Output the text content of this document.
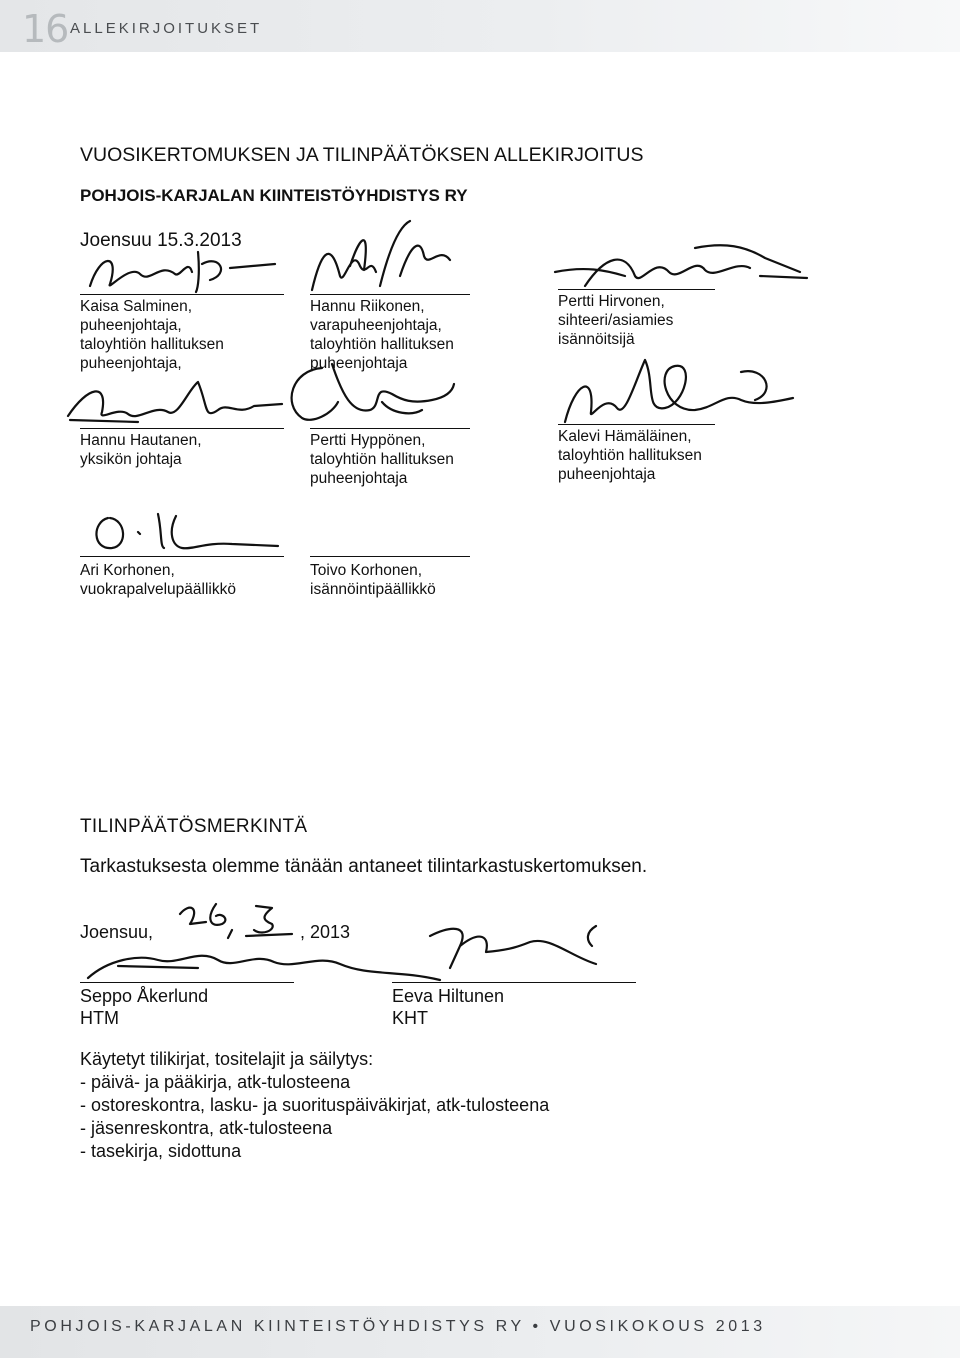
16 ALLEKIRJOITUKSET
VUOSIKERTOMUKSEN JA TILINPÄÄTÖKSEN ALLEKIRJOITUS
POHJOIS-KARJALAN KIINTEISTÖYHDISTYS RY
Joensuu 15.3.2013
Kaisa Salminen,
puheenjohtaja,
taloyhtiön hallituksen
puheenjohtaja,
Hannu Riikonen,
varapuheenjohtaja,
taloyhtiön hallituksen
puheenjohtaja
Pertti Hirvonen,
sihteeri/asiamies
isännöitsijä
Hannu Hautanen,
yksikön johtaja
Pertti Hyppönen,
taloyhtiön hallituksen
puheenjohtaja
Kalevi Hämäläinen,
taloyhtiön hallituksen
puheenjohtaja
Ari Korhonen,
vuokrapalvelupäällikkö
Toivo Korhonen,
isännöintipäällikkö
TILINPÄÄTÖSMERKINTÄ
Tarkastuksesta olemme tänään antaneet tilintarkastuskertomuksen.
Joensuu,	, 2013
Seppo Åkerlund
HTM
Eeva Hiltunen
KHT
Käytetyt tilikirjat, tositelajit ja säilytys:
- päivä- ja pääkirja, atk-tulosteena
- ostoreskontra, lasku- ja suorituspäiväkirjat, atk-tulosteena
- jäsenreskontra, atk-tulosteena
- tasekirja, sidottuna
POHJOIS-KARJALAN KIINTEISTÖYHDISTYS RY • VUOSIKOKOUS 2013
